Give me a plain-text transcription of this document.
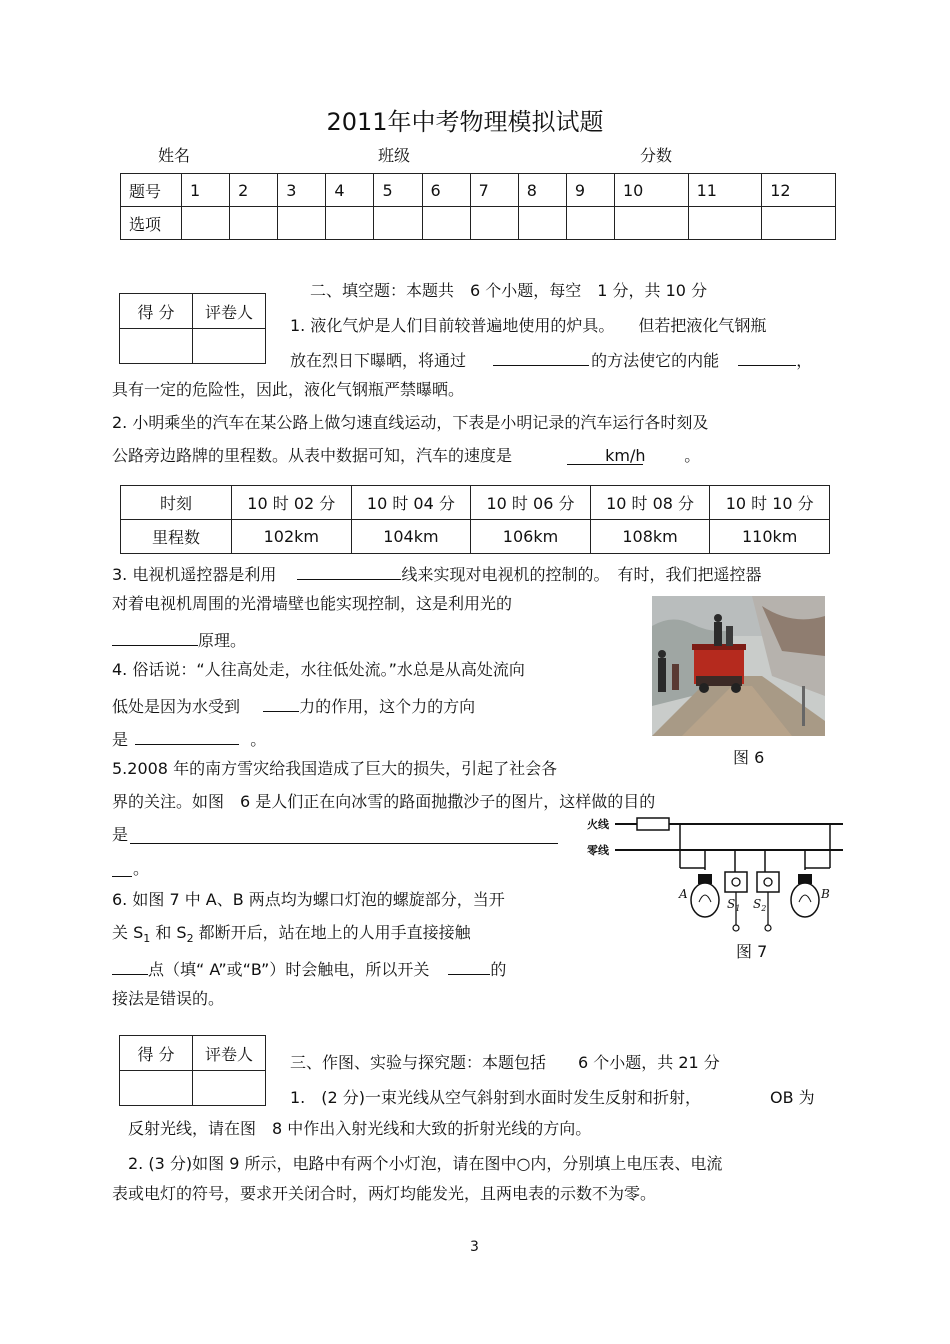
2011年中考物理模拟试题
姓名	班级	分数
题号	1	2	3	4	5	6	7	8	9	10	11	12
选项												
得 分	评卷人

二、填空题：本题共　6 个小题，每空　1 分，共 10 分
1. 液化气炉是人们目前较普遍地使用的炉具。　　但若把液化气钢瓶
放在烈日下曝晒，将通过	的方法使它的内能	，
具有一定的危险性，因此，液化气钢瓶严禁曝晒。
2. 小明乘坐的汽车在某公路上做匀速直线运动，下表是小明记录的汽车运行各时刻及
公路旁边路牌的里程数。从表中数据可知，汽车的速度是	km/h 。
时刻	10 时 02 分	10 时 04 分	10 时 06 分	10 时 08 分	10 时 10 分
里程数	102km	104km	106km	108km	110km
3. 电视机遥控器是利用	线来实现对电视机的控制的。　有时，我们把遥控器
对着电视机周围的光滑墙壁也能实现控制，这是利用光的
原理。
4. 俗话说：“人往高处走，水往低处流。”水总是从高处流向
低处是因为水受到	力的作用，这个力的方向
是	。
图 6
5.2008 年的南方雪灾给我国造成了巨大的损失，引起了社会各
界的关注。如图　6 是人们正在向冰雪的路面抛撒沙子的图片，这样做的目的
是
。
火线
零线
A	B
$S_1$ $S_2$
图 7
6. 如图 7 中 A、B 两点均为螺口灯泡的螺旋部分，当开
关 $S_1$ 和 $S_2$ 都断开后，站在地上的人用手直接接触
点（填“ A”或“B”）时会触电，所以开关	的
接法是错误的。
得 分	评卷人
	三、作图、实验与探究题：本题包括　　6 个小题，共 21 分
1.　(2 分)一束光线从空气斜射到水面时发生反射和折射，	OB 为
反射光线，请在图　8 中作出入射光线和大致的折射光线的方向。
2. (3 分)如图 9 所示，电路中有两个小灯泡，请在图中○内，分别填上电压表、电流
表或电灯的符号，要求开关闭合时，两灯均能发光，且两电表的示数不为零。
3
